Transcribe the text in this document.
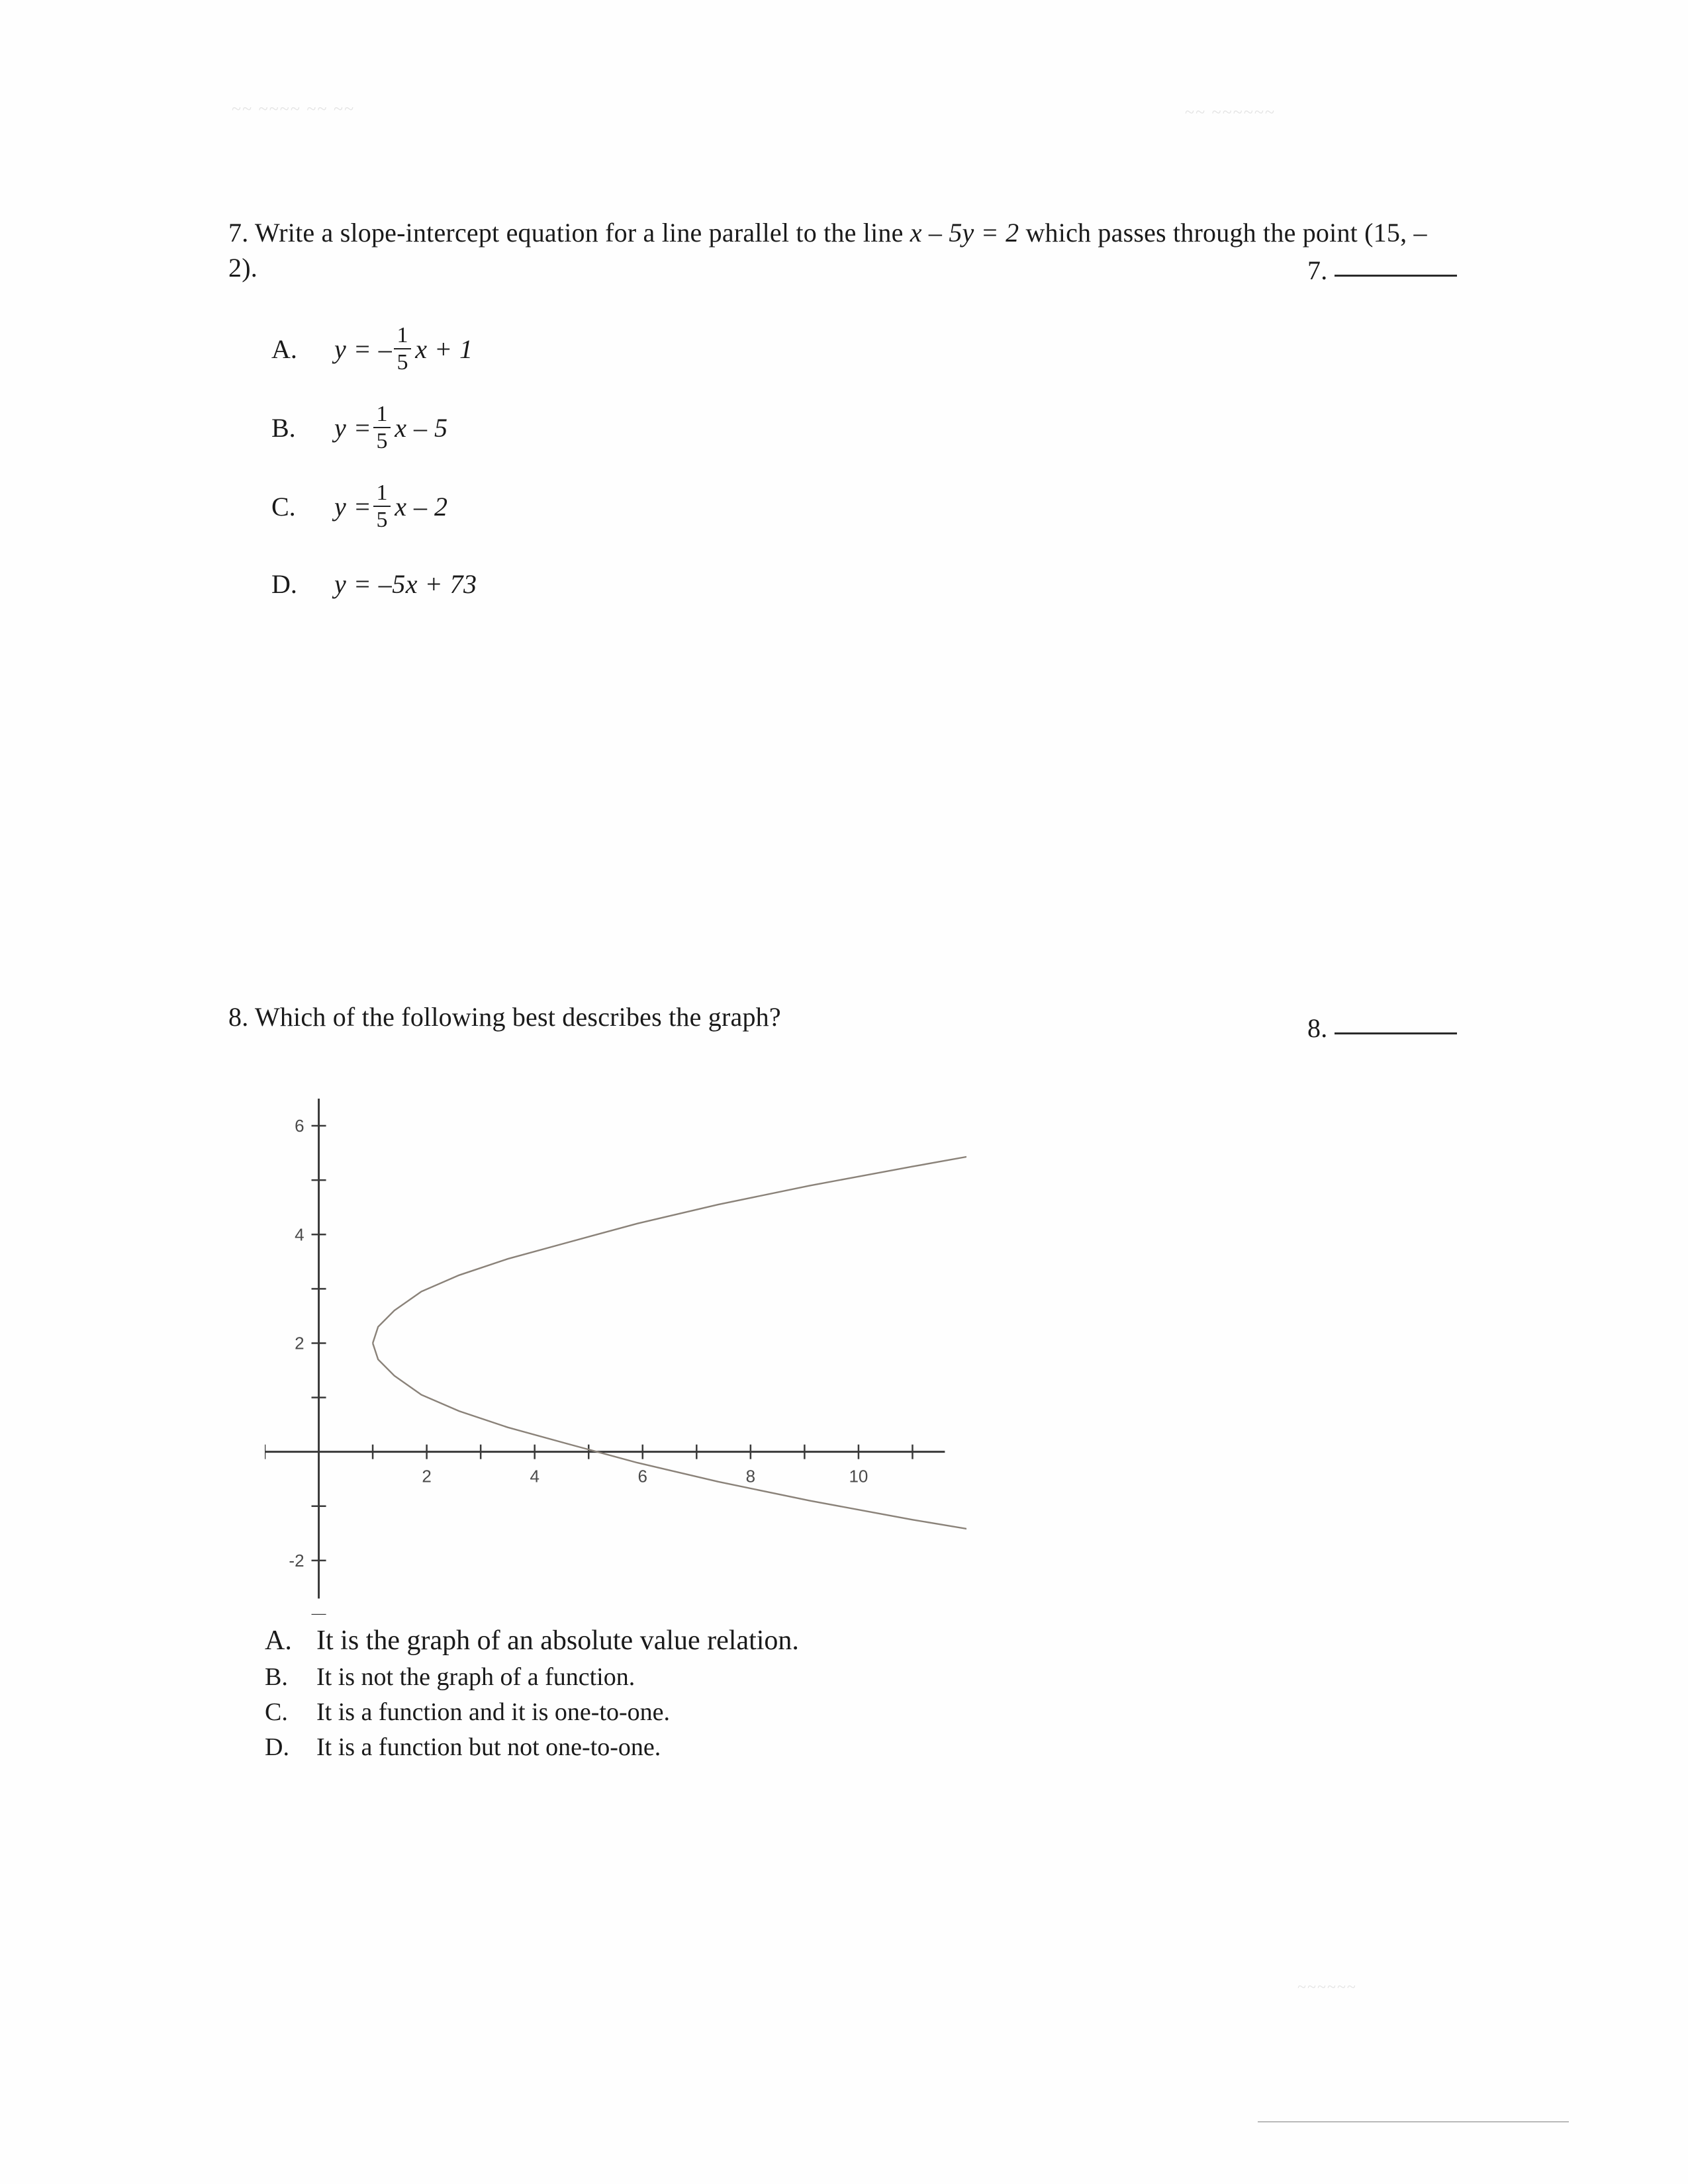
~~ ~~~~ ~~ ~~	~~ ~~~~~~
~~~~~~
7. Write a slope-intercept equation for a line parallel to the line x – 5y = 2 which passes through the point (15, –2).	7.
A.	y = – $\frac{1}{5}$ x + 1
B.	$y = \frac{1}{5}$ x – 5
C.	$y = \frac{1}{5}$ x – 2
D.	y = –5x + 73
8. Which of the following best describes the graph?	8.
2	4	6	8	10
-2
2
4
6
A. It is the graph of an absolute value relation.
B.	It is not the graph of a function.
C.	It is a function and it is one-to-one.
D.	It is a function but not one-to-one.
